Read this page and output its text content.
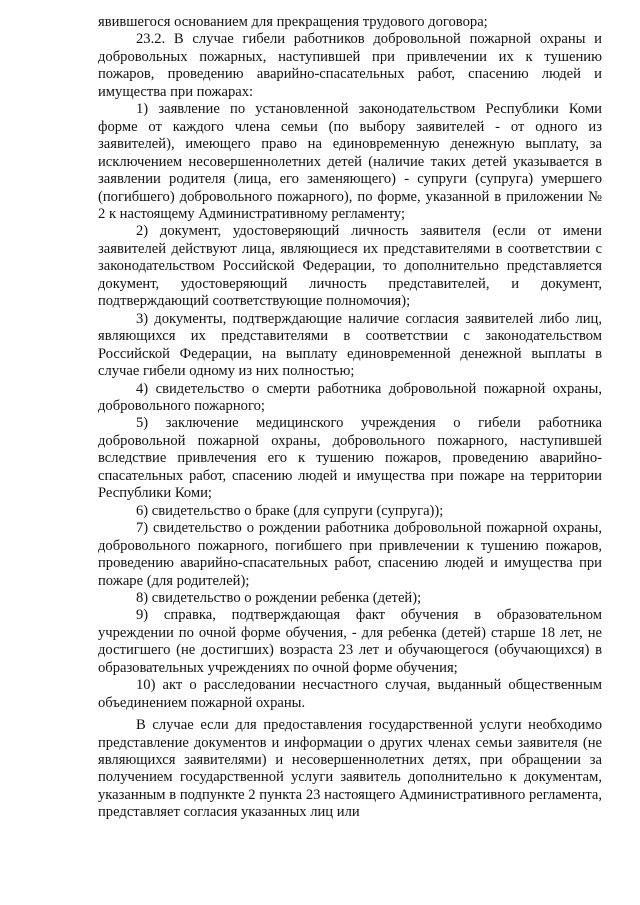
явившегося основанием для прекращения трудового договора;

23.2. В случае гибели работников добровольной пожарной охраны и добровольных пожарных, наступившей при привлечении их к тушению пожаров, проведению аварийно-спасательных работ, спасению людей и имущества при пожарах:

1) заявление по установленной законодательством Республики Коми форме от каждого члена семьи (по выбору заявителей - от одного из заявителей), имеющего право на единовременную денежную выплату, за исключением несовершеннолетних детей (наличие таких детей указывается в заявлении родителя (лица, его заменяющего) - супруги (супруга) умершего (погибшего) добровольного пожарного), по форме, указанной в приложении № 2 к настоящему Административному регламенту;

2) документ, удостоверяющий личность заявителя (если от имени заявителей действуют лица, являющиеся их представителями в соответствии с законодательством Российской Федерации, то дополнительно представляется документ, удостоверяющий личность представителей, и документ, подтверждающий соответствующие полномочия);

3) документы, подтверждающие наличие согласия заявителей либо лиц, являющихся их представителями в соответствии с законодательством Российской Федерации, на выплату единовременной денежной выплаты в случае гибели одному из них полностью;

4) свидетельство о смерти работника добровольной пожарной охраны, добровольного пожарного;

5) заключение медицинского учреждения о гибели работника добровольной пожарной охраны, добровольного пожарного, наступившей вследствие привлечения его к тушению пожаров, проведению аварийно-спасательных работ, спасению людей и имущества при пожаре на территории Республики Коми;

6) свидетельство о браке (для супруги (супруга));

7) свидетельство о рождении работника добровольной пожарной охраны, добровольного пожарного, погибшего при привлечении к тушению пожаров, проведению аварийно-спасательных работ, спасению людей и имущества при пожаре (для родителей);

8) свидетельство о рождении ребенка (детей);

9) справка, подтверждающая факт обучения в образовательном учреждении по очной форме обучения, - для ребенка (детей) старше 18 лет, не достигшего (не достигших) возраста 23 лет и обучающегося (обучающихся) в образовательных учреждениях по очной форме обучения;

10) акт о расследовании несчастного случая, выданный общественным объединением пожарной охраны.

В случае если для предоставления государственной услуги необходимо представление документов и информации о других членах семьи заявителя (не являющихся заявителями) и несовершеннолетних детях, при обращении за получением государственной услуги заявитель дополнительно к документам, указанным в подпункте 2 пункта 23 настоящего Административного регламента, представляет согласия указанных лиц или
